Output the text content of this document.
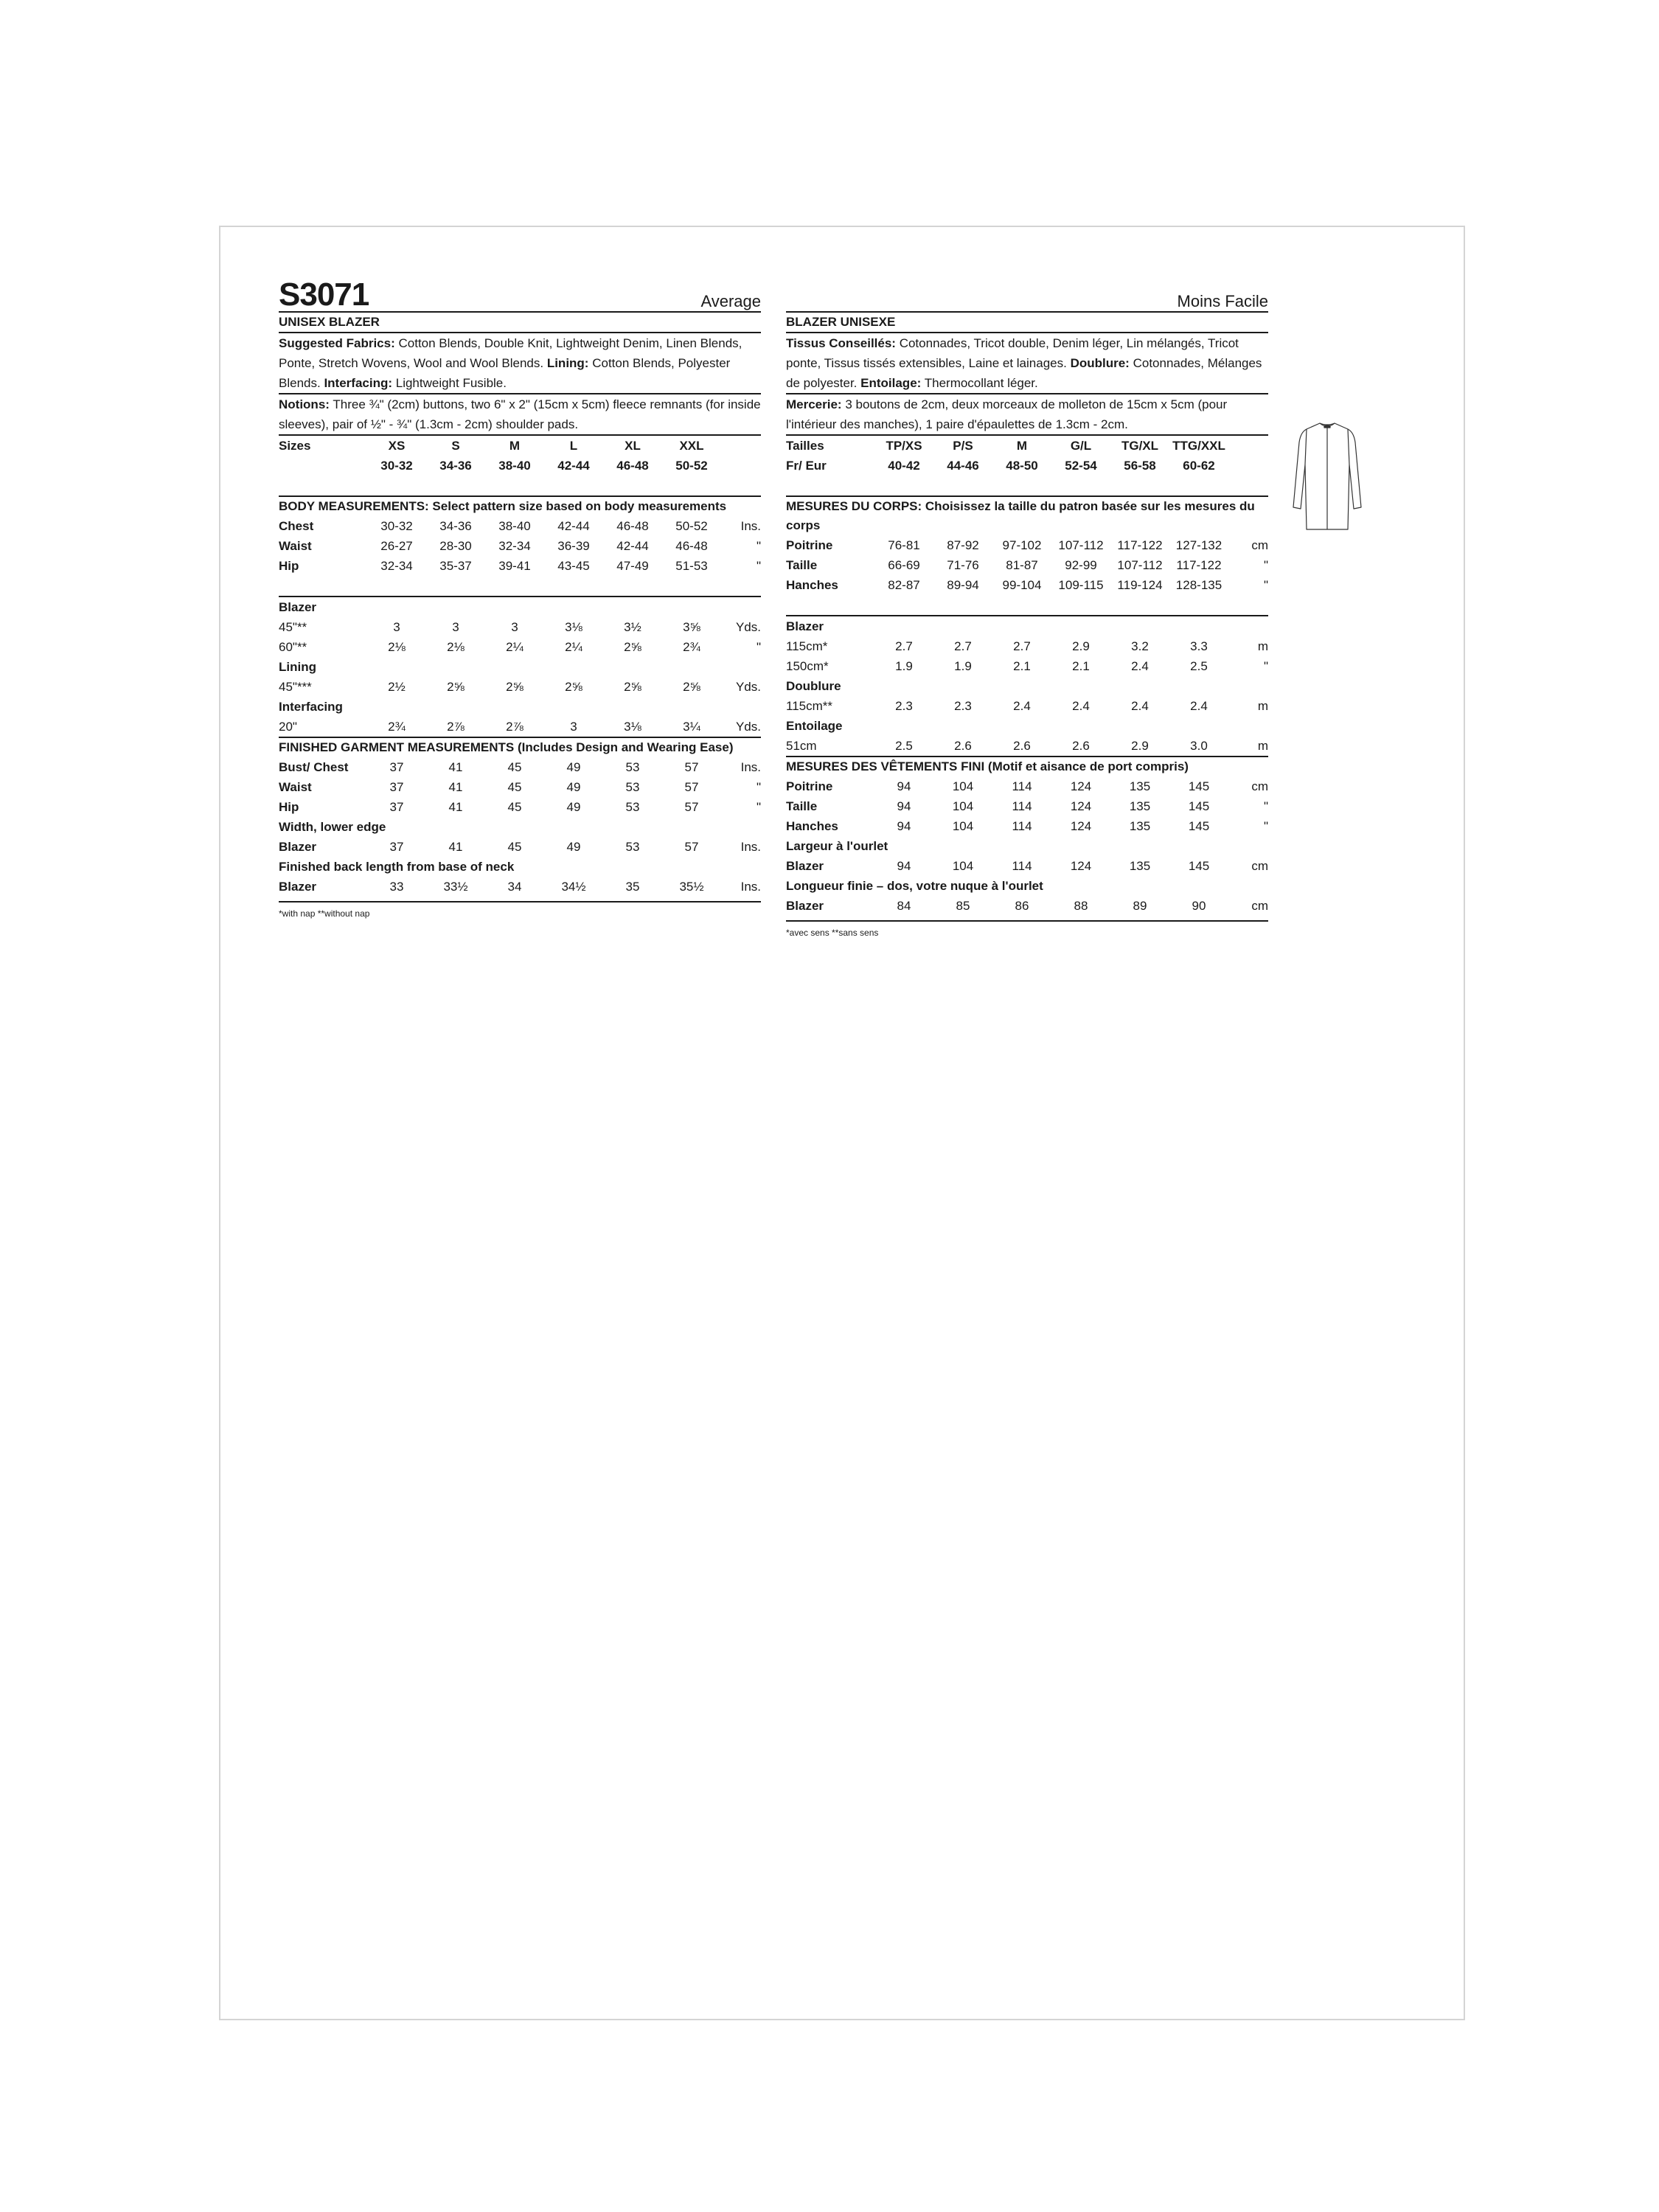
S3071	Average
UNISEX BLAZER
Suggested Fabrics: Cotton Blends, Double Knit, Lightweight Denim, Linen Blends, Ponte, Stretch Wovens, Wool and Wool Blends. Lining: Cotton Blends, Polyester Blends. Interfacing: Lightweight Fusible.
Notions: Three ¾" (2cm) buttons, two 6" x 2" (15cm x 5cm) fleece remnants (for inside sleeves), pair of ½" - ¾" (1.3cm - 2cm) shoulder pads.
Sizes	XS	S	M	L	XL	XXL
30-32	34-36	38-40	42-44	46-48	50-52
BODY MEASUREMENTS: Select pattern size based on body measurements
Chest	30-32	34-36	38-40	42-44	46-48	50-52	Ins.
Waist	26-27	28-30	32-34	36-39	42-44	46-48	"
Hip	32-34	35-37	39-41	43-45	47-49	51-53	"
Blazer
45"**	3	3	3	3⅛	3½	3⅝	Yds.
60"**	2⅛	2⅛	2¼	2¼	2⅝	2¾	"
Lining
45"***	2½	2⅝	2⅝	2⅝	2⅝	2⅝	Yds.
Interfacing
20"	2¾	2⅞	2⅞	3	3⅛	3¼	Yds.
FINISHED GARMENT MEASUREMENTS (Includes Design and Wearing Ease)
Bust/ Chest	37	41	45	49	53	57	Ins.
Waist	37	41	45	49	53	57	"
Hip	37	41	45	49	53	57	"
Width, lower edge
Blazer	37	41	45	49	53	57	Ins.
Finished back length from base of neck
Blazer	33	33½	34	34½	35	35½	Ins.
*with nap **without nap
Moins Facile
BLAZER UNISEXE
Tissus Conseillés: Cotonnades, Tricot double, Denim léger, Lin mélangés, Tricot ponte, Tissus tissés extensibles, Laine et lainages. Doublure: Cotonnades, Mélanges de polyester. Entoilage: Thermocollant léger.
Mercerie: 3 boutons de 2cm, deux morceaux de molleton de 15cm x 5cm (pour l'intérieur des manches), 1 paire d'épaulettes de 1.3cm - 2cm.
Tailles	TP/XS	P/S	M	G/L	TG/XL	TTG/XXL
Fr/ Eur	40-42	44-46	48-50	52-54	56-58	60-62
MESURES DU CORPS: Choisissez la taille du patron basée sur les mesures du corps
Poitrine	76-81	87-92	97-102	107-112	117-122	127-132	cm
Taille	66-69	71-76	81-87	92-99	107-112	117-122	"
Hanches	82-87	89-94	99-104	109-115	119-124	128-135	"
Blazer
115cm*	2.7	2.7	2.7	2.9	3.2	3.3	m
150cm*	1.9	1.9	2.1	2.1	2.4	2.5	"
Doublure
115cm**	2.3	2.3	2.4	2.4	2.4	2.4	m
Entoilage
51cm	2.5	2.6	2.6	2.6	2.9	3.0	m
MESURES DES VÊTEMENTS FINI (Motif et aisance de port compris)
Poitrine	94	104	114	124	135	145	cm
Taille	94	104	114	124	135	145	"
Hanches	94	104	114	124	135	145	"
Largeur à l'ourlet
Blazer	94	104	114	124	135	145	cm
Longueur finie – dos, votre nuque à l'ourlet
Blazer	84	85	86	88	89	90	cm
*avec sens **sans sens
